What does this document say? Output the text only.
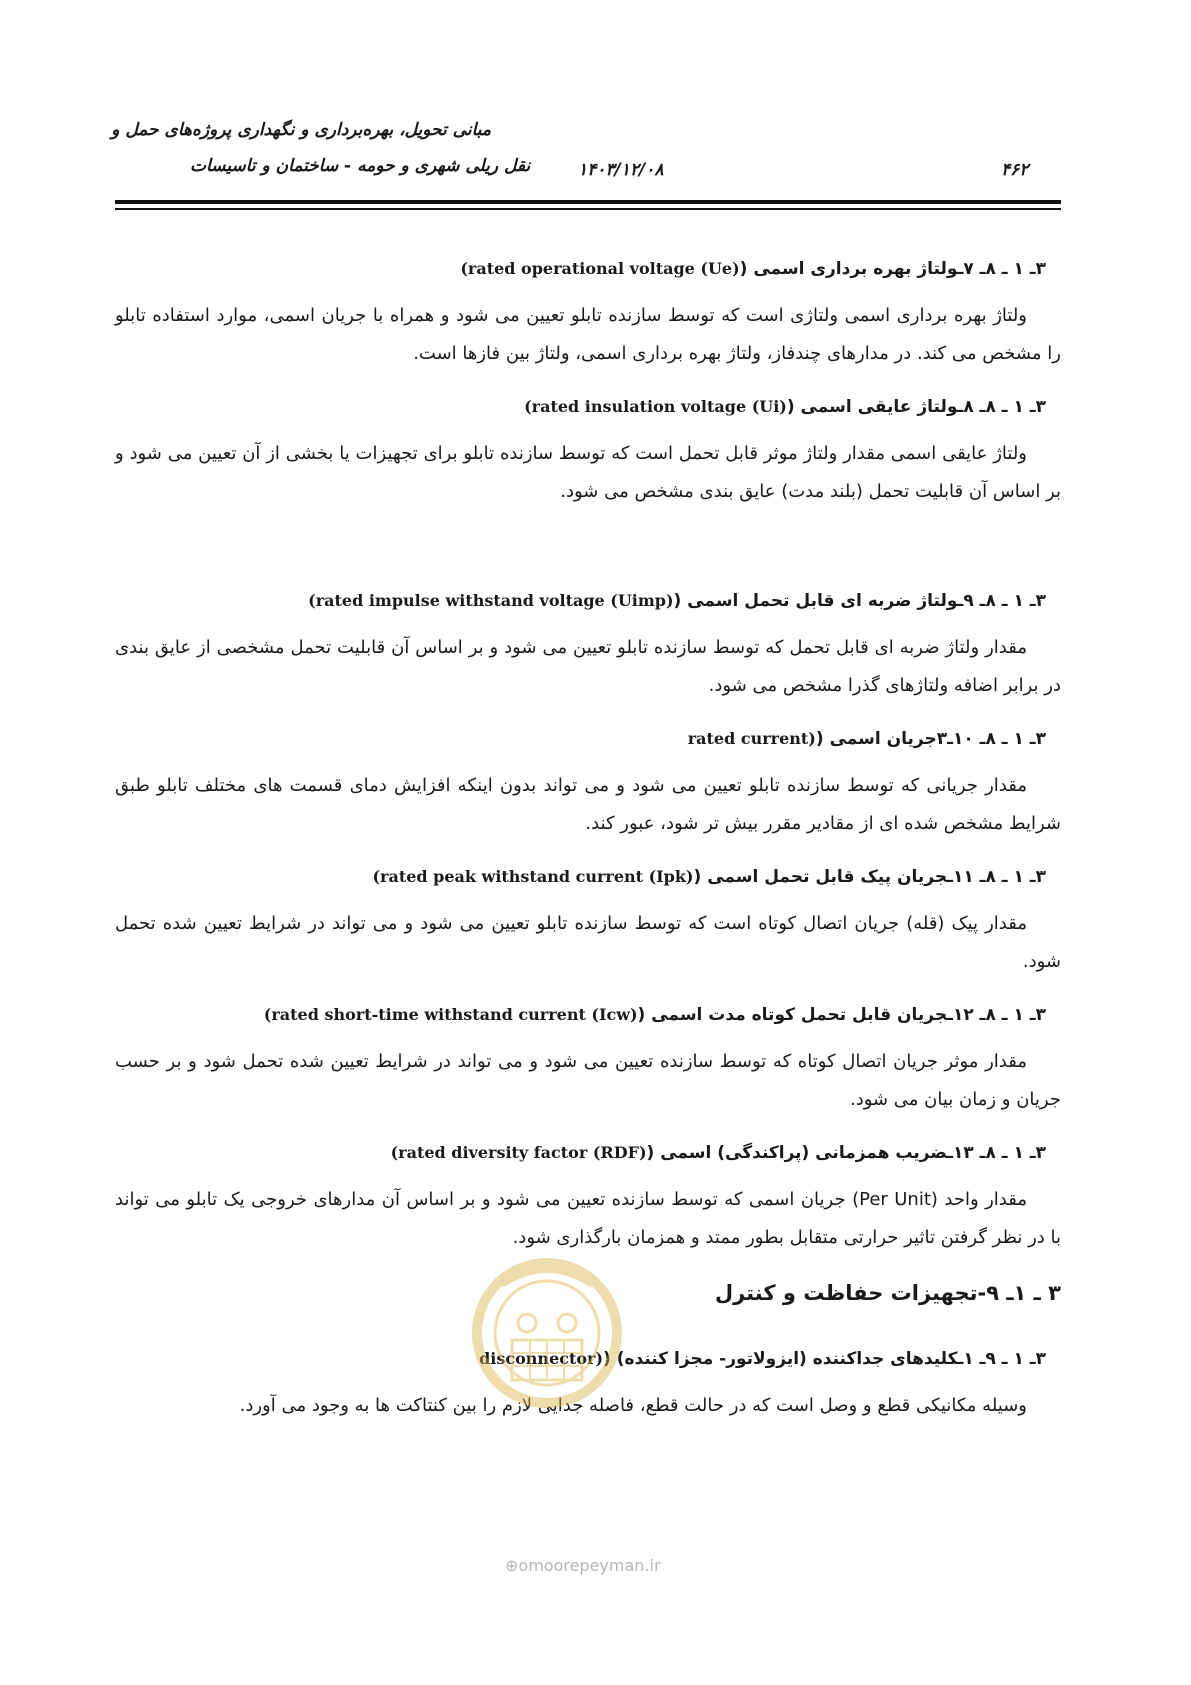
مبانی تحویل، بهره‌برداری و نگهداری پروژه‌های حمل و
نقل ریلی شهری و حومه - ساختمان و تاسیسات	۱۴۰۳/۱۲/۰۸	۴۶۲

۳ـ ۱ ـ ۸ـ ۷ـولتاژ بهره برداری اسمی ((rated operational voltage (Ue)

ولتاژ بهره برداری اسمی ولتاژی است که توسط سازنده تابلو تعیین می شود و همراه با جریان اسمی، موارد استفاده تابلو را مشخص می کند. در مدارهای چندفاز، ولتاژ بهره برداری اسمی، ولتاژ بین فازها است.

۳ـ ۱ ـ ۸ـ ۸ـولتاژ عایقی اسمی ((rated insulation voltage (Ui)

ولتاژ عایقی اسمی مقدار ولتاژ موثر قابل تحمل است که توسط سازنده تابلو برای تجهیزات یا بخشی از آن تعیین می شود و بر اساس آن قابلیت تحمل (بلند مدت) عایق بندی مشخص می شود.

۳ـ ۱ ـ ۸ـ ۹ـولتاژ ضربه ای قابل تحمل اسمی ((rated impulse withstand voltage (Uimp)

مقدار ولتاژ ضربه ای قابل تحمل که توسط سازنده تابلو تعیین می شود و بر اساس آن قابلیت تحمل مشخصی از عایق بندی در برابر اضافه ولتاژهای گذرا مشخص می شود.

۳ـ ۱ ـ ۸ـ ۱۰ـ۳جریان اسمی (rated current)

مقدار جریانی که توسط سازنده تابلو تعیین می شود و می تواند بدون اینکه افزایش دمای قسمت های مختلف تابلو طبق شرایط مشخص شده ای از مقادیر مقرر بیش تر شود، عبور کند.

۳ـ ۱ ـ ۸ـ ۱۱ـجریان پیک قابل تحمل اسمی ((rated peak withstand current (Ipk)

مقدار پیک (قله) جریان اتصال کوتاه است که توسط سازنده تابلو تعیین می شود و می تواند در شرایط تعیین شده تحمل شود.

۳ـ ۱ ـ ۸ـ ۱۲ـجریان قابل تحمل کوتاه مدت اسمی ((rated short-time withstand current (Icw)

مقدار موثر جریان اتصال کوتاه که توسط سازنده تعیین می شود و می تواند در شرایط تعیین شده تحمل شود و بر حسب جریان و زمان بیان می شود.

۳ـ ۱ ـ ۸ـ ۱۳ـضریب همزمانی (پراکندگی) اسمی ((rated diversity factor (RDF)

مقدار واحد (Per Unit) جریان اسمی که توسط سازنده تعیین می شود و بر اساس آن مدارهای خروجی یک تابلو می تواند با در نظر گرفتن تاثیر حرارتی متقابل بطور ممتد و همزمان بارگذاری شود.

۳ ـ ۱ـ ۹-تجهیزات حفاظت و کنترل

۳ـ ۱ ـ ۹ـ ۱ـکلیدهای جداکننده (ایزولاتور- مجزا کننده) (disconnector)

وسیله مکانیکی قطع و وصل است که در حالت قطع، فاصله جدایی لازم را بین کنتاکت ها به وجود می آورد.

⊕omoorepeyman.ir
